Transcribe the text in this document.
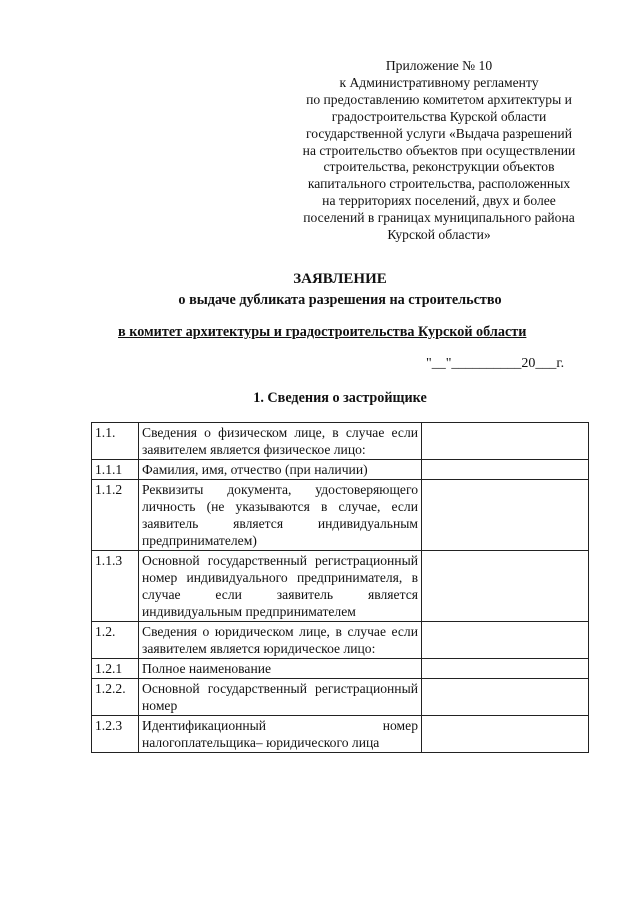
Приложение № 10
к Административному регламенту
по предоставлению комитетом архитектуры и
градостроительства Курской области
государственной услуги «Выдача разрешений
на строительство объектов при осуществлении
строительства, реконструкции объектов
капитального строительства, расположенных
на территориях поселений, двух и более
поселений в границах муниципального района
Курской области»
ЗАЯВЛЕНИЕ
о выдаче дубликата разрешения на строительство
в комитет архитектуры и градостроительства Курской области
"__"__________20___г.
1. Сведения о застройщике
1.1.	Сведения о физическом лице, в случае если заявителем является физическое лицо:	
1.1.1	Фамилия, имя, отчество (при наличии)	
1.1.2	Реквизиты документа, удостоверяющего личность (не указываются в случае, если заявитель является индивидуальным предпринимателем)	
1.1.3	Основной государственный регистрационный номер индивидуального предпринимателя, в случае если заявитель является индивидуальным предпринимателем	
1.2.	Сведения о юридическом лице, в случае если заявителем является юридическое лицо:	
1.2.1	Полное наименование	
1.2.2.	Основной государственный регистрационный номер	
1.2.3	Идентификационный номер налогоплательщика– юридического лица	
